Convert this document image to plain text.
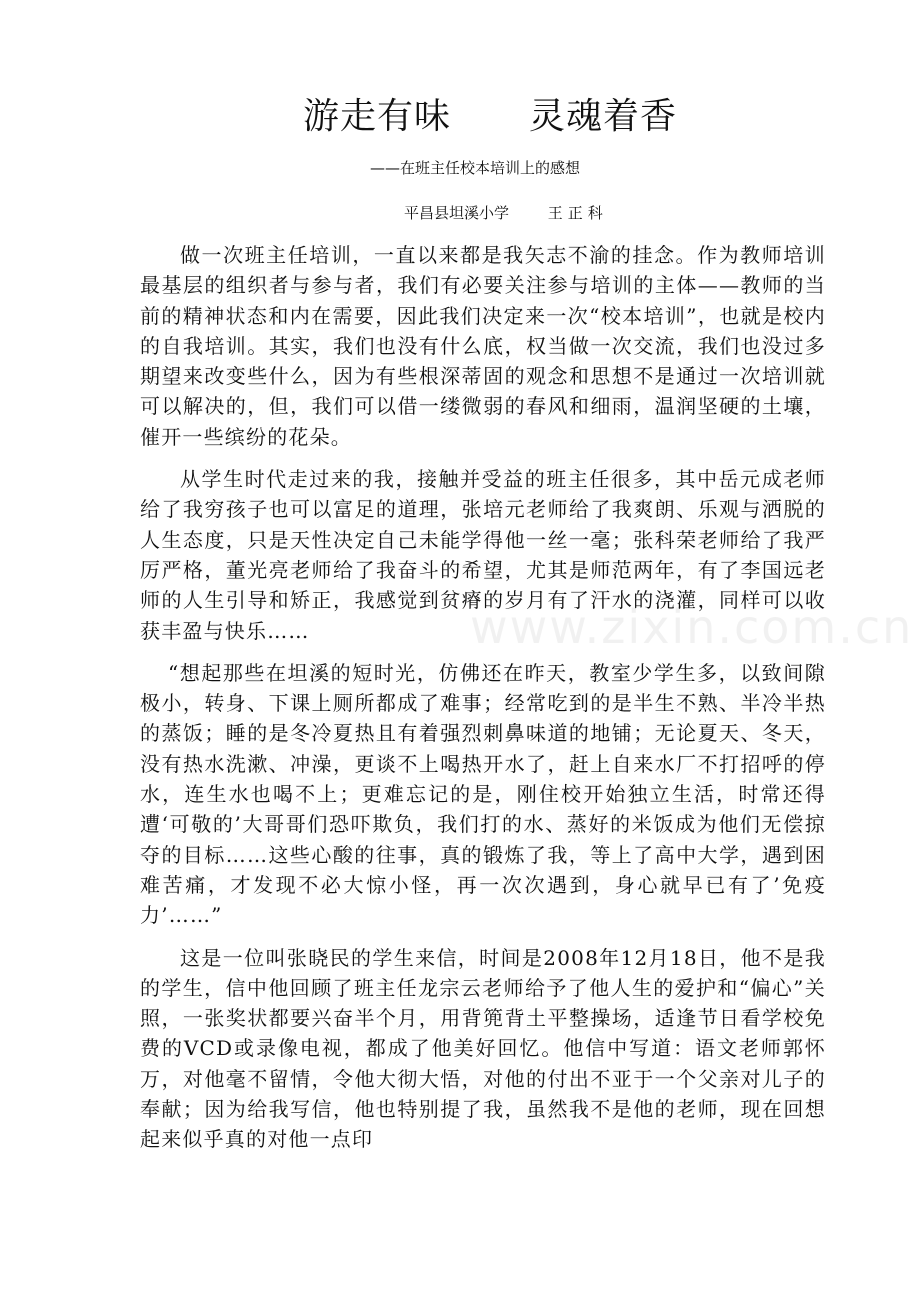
游走有味 灵魂着香

——在班主任校本培训上的感想

平昌县坦溪小学	王正科

做一次班主任培训，一直以来都是我矢志不渝的挂念。作为教师培训最基层的组织者与参与者，我们有必要关注参与培训的主体——教师的当前的精神状态和内在需要，因此我们决定来一次“校本培训”，也就是校内的自我培训。其实，我们也没有什么底，权当做一次交流，我们也没过多期望来改变些什么，因为有些根深蒂固的观念和思想不是通过一次培训就可以解决的，但，我们可以借一缕微弱的春风和细雨，温润坚硬的土壤，催开一些缤纷的花朵。

从学生时代走过来的我，接触并受益的班主任很多，其中岳元成老师给了我穷孩子也可以富足的道理，张培元老师给了我爽朗、乐观与洒脱的人生态度，只是天性决定自己未能学得他一丝一毫；张科荣老师给了我严厉严格，董光亮老师给了我奋斗的希望，尤其是师范两年，有了李国远老师的人生引导和矫正，我感觉到贫瘠的岁月有了汗水的浇灌，同样可以收获丰盈与快乐……

“想起那些在坦溪的短时光，仿佛还在昨天，教室少学生多，以致间隙极小，转身、下课上厕所都成了难事；经常吃到的是半生不熟、半冷半热的蒸饭；睡的是冬冷夏热且有着强烈刺鼻味道的地铺；无论夏天、冬天，没有热水洗漱、冲澡，更谈不上喝热开水了，赶上自来水厂不打招呼的停水，连生水也喝不上；更难忘记的是，刚住校开始独立生活，时常还得遭‘可敬的’大哥哥们恐吓欺负，我们打的水、蒸好的米饭成为他们无偿掠夺的目标……这些心酸的往事，真的锻炼了我，等上了高中大学，遇到困难苦痛，才发现不必大惊小怪，再一次次遇到，身心就早已有了’免疫力’……”

这是一位叫张晓民的学生来信，时间是2008年12月18日，他不是我的学生，信中他回顾了班主任龙宗云老师给予了他人生的爱护和“偏心”关照，一张奖状都要兴奋半个月，用背篼背土平整操场，适逢节日看学校免费的VCD或录像电视，都成了他美好回忆。他信中写道：语文老师郭怀万，对他毫不留情，令他大彻大悟，对他的付出不亚于一个父亲对儿子的奉献；因为给我写信，他也特别提了我，虽然我不是他的老师，现在回想起来似乎真的对他一点印

www.zixin.com.cn
